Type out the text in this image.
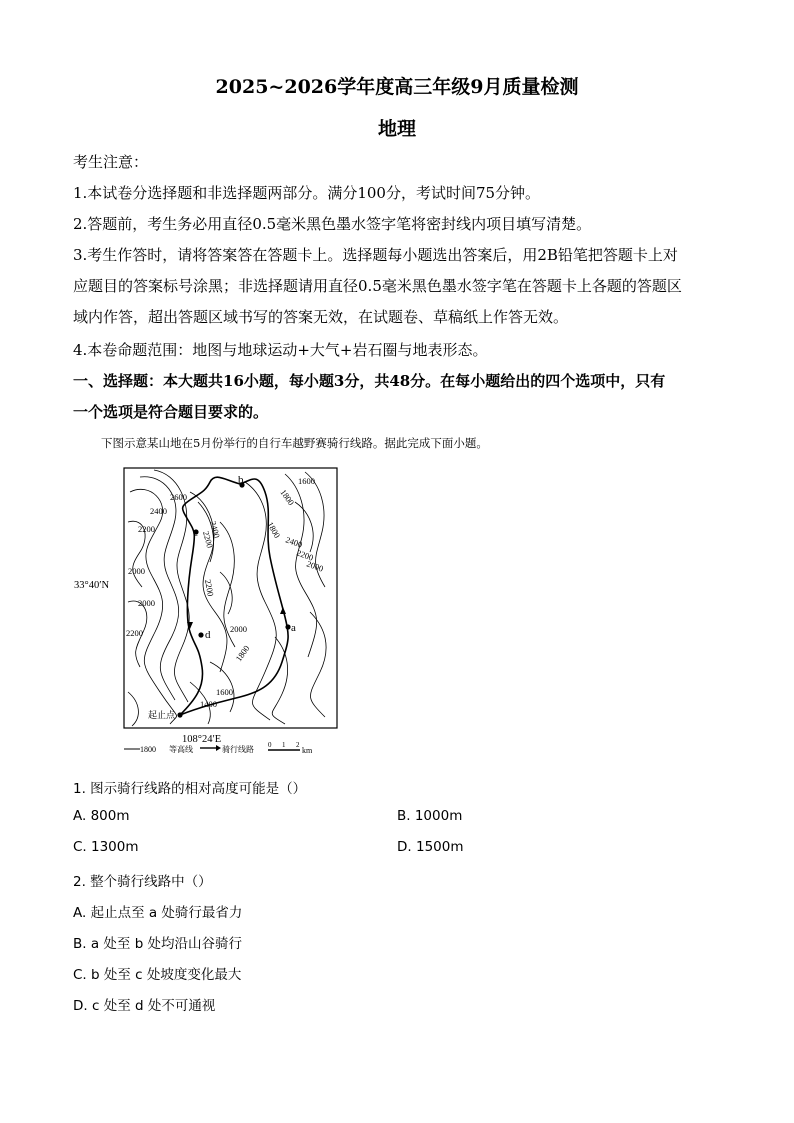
2025~2026学年度高三年级9月质量检测
地理
考生注意：
1.本试卷分选择题和非选择题两部分。满分100分，考试时间75分钟。
2.答题前，考生务必用直径0.5毫米黑色墨水签字笔将密封线内项目填写清楚。
3.考生作答时，请将答案答在答题卡上。选择题每小题选出答案后，用2B铅笔把答题卡上对
应题目的答案标号涂黑；非选择题请用直径0.5毫米黑色墨水签字笔在答题卡上各题的答题区
域内作答，超出答题区域书写的答案无效，在试题卷、草稿纸上作答无效。
4.本卷命题范围：地图与地球运动+大气+岩石圈与地表形态。
一、选择题：本大题共16小题，每小题3分，共48分。在每小题给出的四个选项中，只有
一个选项是符合题目要求的。
下图示意某山地在5月份举行的自行车越野赛骑行线路。据此完成下面小题。
b
c
d
a
起止点
2600
2400
2200
2000
2200
2400
2200
1800
1600
1800
2400
2200
2000
1800
2000
2200
1600
1400
2000
33°40′N
108°24′E
1800 等高线	骑行线路 0 1 2
km
1. 图示骑行线路的相对高度可能是（）
A. 800m	B. 1000m
C. 1300m	D. 1500m
2. 整个骑行线路中（）
A. 起止点至 a 处骑行最省力
B. a 处至 b 处均沿山谷骑行
C. b 处至 c 处坡度变化最大
D. c 处至 d 处不可通视
